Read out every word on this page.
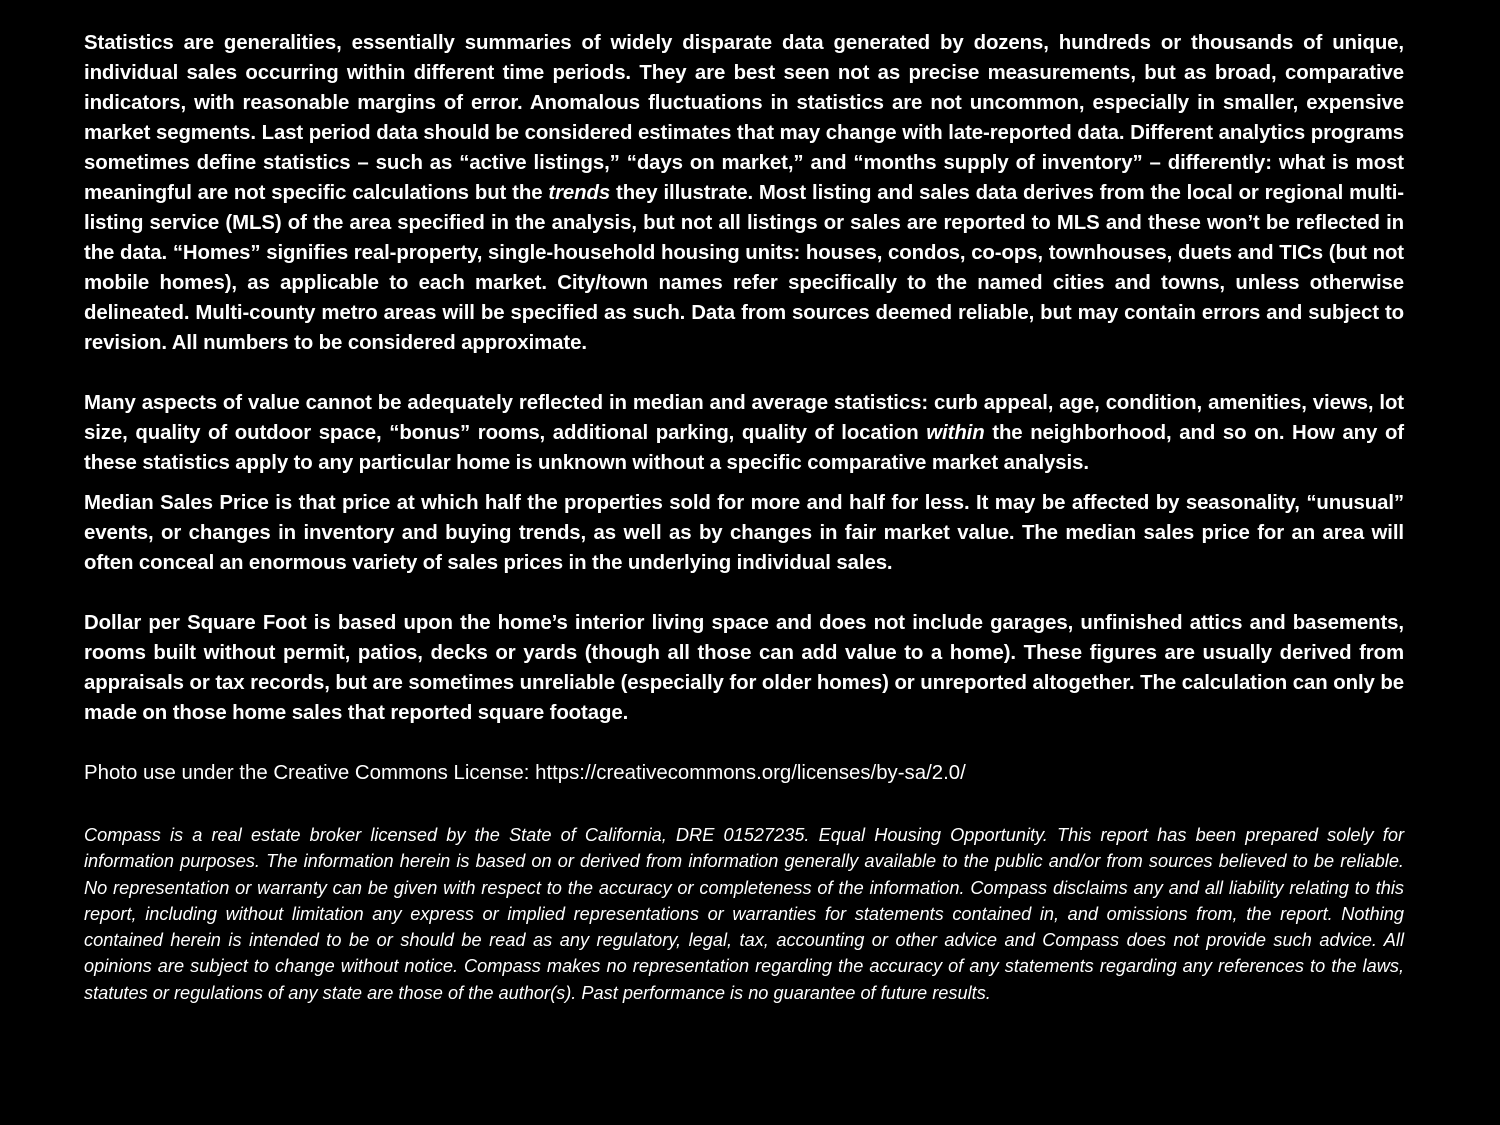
Statistics are generalities, essentially summaries of widely disparate data generated by dozens, hundreds or thousands of unique, individual sales occurring within different time periods. They are best seen not as precise measurements, but as broad, comparative indicators, with reasonable margins of error. Anomalous fluctuations in statistics are not uncommon, especially in smaller, expensive market segments. Last period data should be considered estimates that may change with late-reported data. Different analytics programs sometimes define statistics – such as “active listings,” “days on market,” and “months supply of inventory” – differently: what is most meaningful are not specific calculations but the trends they illustrate. Most listing and sales data derives from the local or regional multi-listing service (MLS) of the area specified in the analysis, but not all listings or sales are reported to MLS and these won’t be reflected in the data. “Homes” signifies real-property, single-household housing units: houses, condos, co-ops, townhouses, duets and TICs (but not mobile homes), as applicable to each market. City/town names refer specifically to the named cities and towns, unless otherwise delineated. Multi-county metro areas will be specified as such. Data from sources deemed reliable, but may contain errors and subject to revision. All numbers to be considered approximate.

Many aspects of value cannot be adequately reflected in median and average statistics: curb appeal, age, condition, amenities, views, lot size, quality of outdoor space, “bonus” rooms, additional parking, quality of location within the neighborhood, and so on. How any of these statistics apply to any particular home is unknown without a specific comparative market analysis.

Median Sales Price is that price at which half the properties sold for more and half for less. It may be affected by seasonality, “unusual” events, or changes in inventory and buying trends, as well as by changes in fair market value. The median sales price for an area will often conceal an enormous variety of sales prices in the underlying individual sales.

Dollar per Square Foot is based upon the home’s interior living space and does not include garages, unfinished attics and basements, rooms built without permit, patios, decks or yards (though all those can add value to a home). These figures are usually derived from appraisals or tax records, but are sometimes unreliable (especially for older homes) or unreported altogether. The calculation can only be made on those home sales that reported square footage.

Photo use under the Creative Commons License: https://creativecommons.org/licenses/by-sa/2.0/

Compass is a real estate broker licensed by the State of California, DRE 01527235. Equal Housing Opportunity. This report has been prepared solely for information purposes. The information herein is based on or derived from information generally available to the public and/or from sources believed to be reliable. No representation or warranty can be given with respect to the accuracy or completeness of the information. Compass disclaims any and all liability relating to this report, including without limitation any express or implied representations or warranties for statements contained in, and omissions from, the report. Nothing contained herein is intended to be or should be read as any regulatory, legal, tax, accounting or other advice and Compass does not provide such advice. All opinions are subject to change without notice. Compass makes no representation regarding the accuracy of any statements regarding any references to the laws, statutes or regulations of any state are those of the author(s). Past performance is no guarantee of future results.
